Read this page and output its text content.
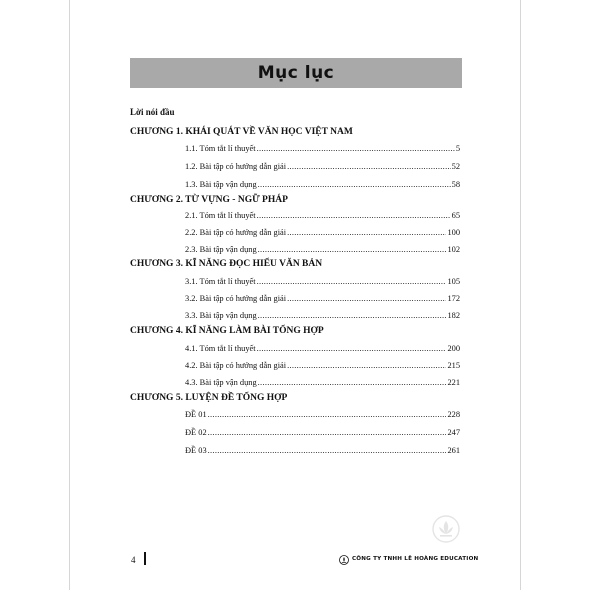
Mục lục
Lời nói đầu
CHƯƠNG 1. KHÁI QUÁT VỀ VĂN HỌC VIỆT NAM
1.1. Tóm tắt lí thuyết .....	5
1.2. Bài tập có hướng dẫn giải .....	52
1.3. Bài tập vận dụng .....	58
CHƯƠNG 2. TỪ VỰNG - NGỮ PHÁP
2.1. Tóm tắt lí thuyết .....	65
2.2. Bài tập có hướng dẫn giải .....	100
2.3. Bài tập vận dụng .....	102
CHƯƠNG 3. KĨ NĂNG ĐỌC HIỂU VĂN BẢN
3.1. Tóm tắt lí thuyết .....	105
3.2. Bài tập có hướng dẫn giải .....	172
3.3. Bài tập vận dụng .....	182
CHƯƠNG 4. KĨ NĂNG LÀM BÀI TỔNG HỢP
4.1. Tóm tắt lí thuyết .....	200
4.2. Bài tập có hướng dẫn giải .....	215
4.3. Bài tập vận dụng .....	221
CHƯƠNG 5. LUYỆN ĐỀ TỔNG HỢP
ĐỀ 01 .....	228
ĐỀ 02 .....	247
ĐỀ 03 .....	261
4	CÔNG TY TNHH LÊ HOÀNG EDUCATION
